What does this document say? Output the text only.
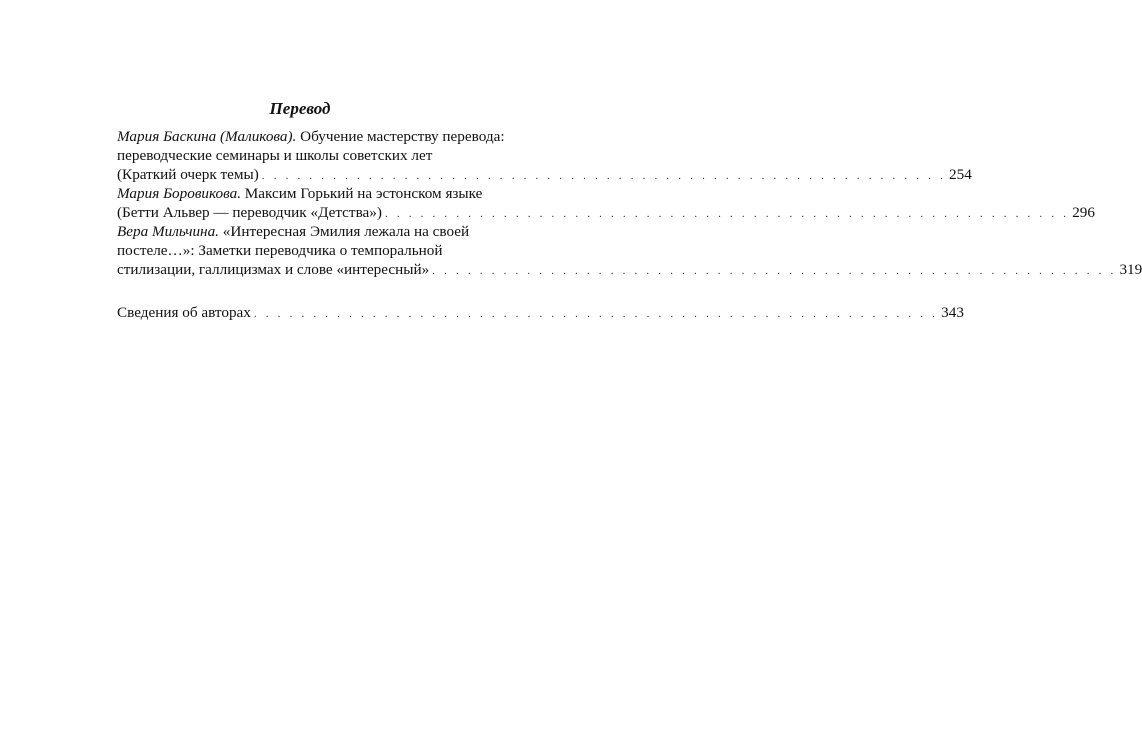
Перевод

Мария Баскина (Маликова). Обучение мастерству перевода:

переводческие семинары и школы советских лет

(Краткий очерк темы) . . . . . . . . . . . . . . . . . . . . . . . . . . . . . . . . . . . . . . . . . . . . . . . . . . . . . . . . . . 254

Мария Боровикова. Максим Горький на эстонском языке

(Бетти Альвер — переводчик «Детства») . . . . . . . . . . . . . . . . . . . . . . . . . . . . . . . . . . . . . . . . . . . . . . . . . . . . . . . . . . 296

Вера Мильчина. «Интересная Эмилия лежала на своей

постеле…»: Заметки переводчика о темпоральной

стилизации, галлицизмах и слове «интересный» . . . . . . . . . . . . . . . . . . . . . . . . . . . . . . . . . . . . . . . . . . . . . . . . . . . . . . . . . . 319
Сведения об авторах . . . . . . . . . . . . . . . . . . . . . . . . . . . . . . . . . . . . . . . . . . . . . . . . . . . . . . . . . . 343
